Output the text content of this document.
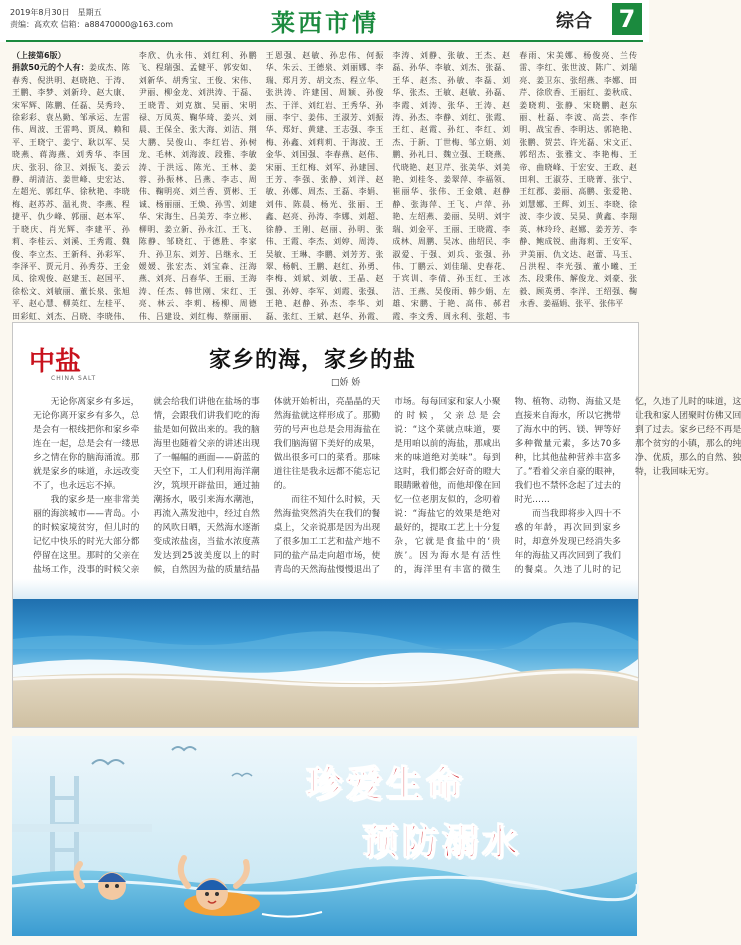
2019年8月30日　星期五
责编：高欢欢 信箱：a88470000@163.com	莱西市情	综合 7
（上接第6版）
捐款50元的个人有：姜成杰、陈春秀、倪洪明、赵晓艳、于涛、王鹏、李梦、刘新玲、赵大康、宋军辉、陈鹏、任磊、吴秀玲、徐彩彩、袁丛勤、邹承运、左雷伟、周波、王雷鸣、贾凤、赖和平、王晓宁、姜宁、耿以军、吴晓燕、蒋海燕、刘秀华、李国庆、张羽、徐卫、刘振飞、姜云静、胡清洁、姜世峰、史宏达、左超光、郭红华、徐秋艳、李晓梅、赵苏苏、温礼贵、李燕、程捷平、仇少峰、郭丽、赵本军、于晓庆、肖光辉、李建平、孙莉、李桂云、刘溪、王秀霞、魏俊、李立杰、王新科、孙彩军、李泽平、贾元月、孙秀芬、王金凤、徐观俊、赵建玉、赵国平、徐松文、刘敏丽、董长泉、张旭平、赵心慧、柳英红、左桂平、田彩虹、刘杰、吕晓、李晓伟、李欣、仇永伟、刘红利、孙鹏飞、程瑞强、孟健平、郭安如、刘新华、胡秀宝、王俊、宋伟、尹丽、柳金龙、刘洪涛、于磊、王晓青、刘克旗、吴丽、宋明禄、万凤英、鞠华琦、姜兴、刘晨、王保全、张大海、刘洁、荆大鹏、吴俊山、李红岩、孙树龙、毛林、刘海波、段雅、李敏涛、于洪远、陈光、王林、姜蓉、孙振林、吕燕、李志、周伟、鞠明亮、刘兰香、贾彬、王诚、杨丽丽、王焕、孙雪、刘建华、宋海生、吕美芳、李立彬、柳明、姜立新、孙永江、王飞、陈静、邹晓红、于德胜、李家升、孙卫东、刘芳、吕继永、王媛媛、张宏杰、刘宝森、汪海燕、刘亮、吕春华、王丽、王海涛、任杰、韩世刚、宋红、王亮、林云、李莉、杨柳、周德伟、吕建设、刘红梅、蔡丽丽、王恩强、赵敏、孙忠伟、何振华、朱云、王德泉、刘丽娜、李瑞、郑月芳、胡文杰、程立华、张洪涛、许建国、周颖、孙俊杰、于洋、刘红岩、王秀华、孙丽、李宁、姜伟、王淑芳、刘振华、郑好、黄建、王志强、李玉梅、孙鑫、刘莉莉、于海波、王金华、刘国强、李春燕、赵伟、宋丽、王红梅、刘军、孙建国、王芳、李强、张静、刘洋、赵敏、孙娜、周杰、王磊、李娟、刘伟、陈晨、杨光、张丽、王鑫、赵亮、孙涛、李娜、刘超、徐静、王刚、赵丽、孙明、张伟、王霞、李杰、刘婷、周涛、吴敏、王琳、李鹏、刘芳芳、张翠、杨帆、王鹏、赵红、孙勇、李梅、刘斌、刘敏、王晶、赵强、孙婷、李军、刘霞、张强、王艳、赵静、孙杰、李华、刘磊、张红、王斌、赵华、孙霞、李涛、刘静、张敏、王杰、赵磊、孙华、李敏、刘杰、张磊、王华、赵杰、孙敏、李磊、刘华、张杰、王敏、赵敏、孙磊、李霞、刘涛、张华、王涛、赵涛、孙杰、李静、刘红、张霞、王红、赵霞、孙红、李红、刘杰、于新、丁世梅、邹立娟、刘鹏、孙礼日、魏立强、王晓燕、代晓艳、赵卫芹、张美华、刘美艳、刘桂冬、姜翠萍、李福领、崔丽华、张伟、王金娥、赵静静、张海萍、王飞、卢萍、孙艳、左绍燕、姜丽、吴明、刘宇瑞、刘金平、王丽、王晓霞、李成林、周鹏、吴冰、曲绍民、李淑爱、于强、刘兵、张强、孙伟、丁鹏云、刘佳瑞、史春花、于宾训、李倩、孙玉红、王冰洁、王燕、吴俊雨、韩少娟、左雄、宋鹏、于艳、高伟、郝君霞、李文秀、周永利、张超、韦春雨、宋美娜、杨俊亮、兰传雷、李红、张世波、陈广、刘瑞亮、姜卫东、张绍燕、李娜、田芹、徐欣香、王丽红、姜秋成、姜晓莉、张静、宋晓鹏、赵东丽、杜磊、李波、高芸、李作明、战宝香、李明达、郭艳艳、张鹏、贺芸、许光磊、宋文正、郭绍杰、张雅文、李艳梅、王帝、曲晓峰、于宏安、王政、赵田利、王淑芬、王晓菁、张宁、王红郡、姜丽、高鹏、张爱艳、刘慧娜、王辉、刘玉、李晓、徐波、李少波、吴昊、黄鑫、李翔英、林玲玲、赵娜、姜芳芳、李静、鲍成锐、曲海莉、王安军、尹美丽、仇文达、赵蕾、马玉、吕洪程、李光强、董小曦、王杰、段秉伟、解俊龙、刘豪、张毅、顾英勇、李洋、王绍强、鞠永香、姜福娟、张平、张伟平
中盐
CHINA SALT
家乡的海，家乡的盐
□娇 娇

无论你离家乡有多远，无论你离开家乡有多久，总是会有一根线把你和家乡牵连在一起，总是会有一缕思乡之情在你的脑海涌流。那就是家乡的味道，永远改变不了，也永远忘不掉。

我的家乡是一座非常美丽的海滨城市——青岛。小的时候家境贫穷，但儿时的记忆中快乐的时光大部分都停留在这里。那时的父亲在盐场工作，没事的时候父亲就会给我们讲他在盐场的事情，会跟我们讲我们吃的海盐是如何做出来的。我的脑海里也随着父亲的讲述出现了一幅幅的画面——蔚蓝的天空下，工人们利用海洋潮汐，筑坝开辟盐田，通过抽潮扬水，吸引来海水潮池，再流入蒸发池中，经过自然的风吹日晒，天然海水逐渐变成浓盐卤，当盐水浓度蒸发达到25波美度以上的时候，自然因为盐的质量结晶体就开始析出，亮晶晶的天然海盐就这样形成了。那勤劳的号声也总是会用海盐在我们脑海留下美好的成果，做出很多可口的菜肴。那味道往往是我永远都不能忘记的。

而往不知什么时候，天然海盐突然消失在我们的餐桌上，父亲说那是因为出现了很多加工工艺和盐产地不同的盐产品走向超市场，使青岛的天然海盐慢慢退出了市场。每每回家和家人小聚的时候，父亲总是会说：“这个菜就点味道，要是用咱以前的海盐，那咸出来的味道绝对美味”。每到这时，我们都会好奇的瞪大眼睛瞅着他，而他却像在回忆一位老朋友似的，念叨着说：“海盐它的效果是绝对最好的，提取工艺上十分复杂，它就是食盐中的‘贵族’。因为海水是有活性的，海洋里有丰富的微生物、植物、动物、海盐又是直接来自海水，所以它携带了海水中的钙、镁、钾等好多种微量元素，多达70多种，比其他盐种营养丰富多了。”看着父亲自豪的眼神，我们也不禁怀念起了过去的时光……

而当我即将步入四十不惑的年龄，再次回到家乡时，却意外发现已经消失多年的海盐又再次回到了我们的餐桌。久违了儿时的记忆，久违了儿时的味道，这让我和家人团聚时仿佛又回到了过去。家乡已经不再是那个贫穷的小镇，那么的纯净、优质，那么的自然、独特，让我回味无穷。

珍爱生命
预防溺水
